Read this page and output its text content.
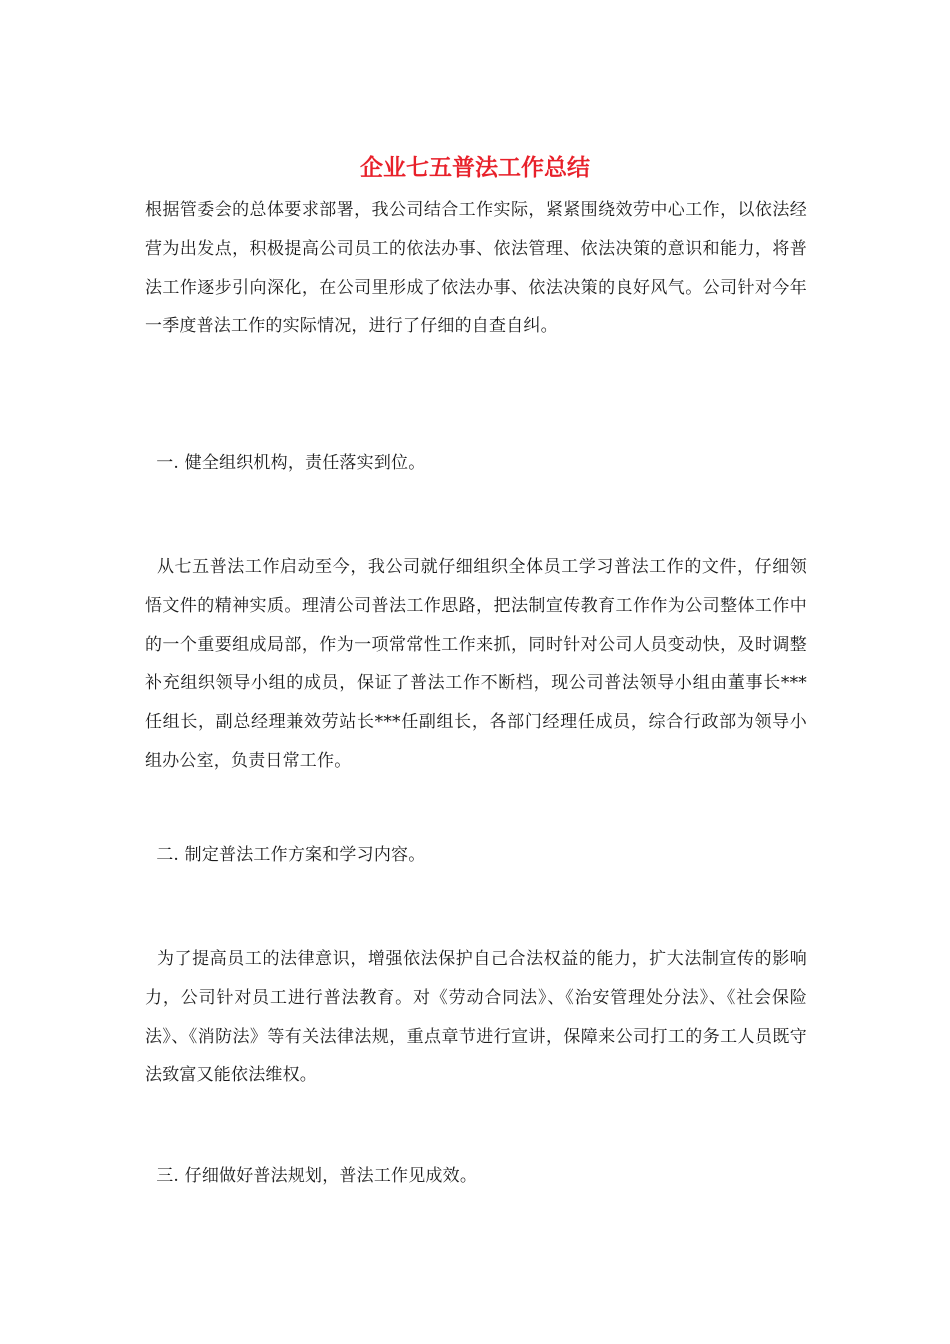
企业七五普法工作总结

根据管委会的总体要求部署，我公司结合工作实际，紧紧围绕效劳中心工作，以依法经营为出发点，积极提高公司员工的依法办事、依法管理、依法决策的意识和能力，将普法工作逐步引向深化，在公司里形成了依法办事、依法决策的良好风气。公司针对今年一季度普法工作的实际情况，进行了仔细的自查自纠。

一. 健全组织机构，责任落实到位。

从七五普法工作启动至今，我公司就仔细组织全体员工学习普法工作的文件，仔细领悟文件的精神实质。理清公司普法工作思路，把法制宣传教育工作作为公司整体工作中的一个重要组成局部，作为一项常常性工作来抓，同时针对公司人员变动快，及时调整补充组织领导小组的成员，保证了普法工作不断档，现公司普法领导小组由董事长***任组长，副总经理兼效劳站长***任副组长，各部门经理任成员，综合行政部为领导小组办公室，负责日常工作。

二. 制定普法工作方案和学习内容。

为了提高员工的法律意识，增强依法保护自己合法权益的能力，扩大法制宣传的影响力，公司针对员工进行普法教育。对《劳动合同法》、《治安管理处分法》、《社会保险法》、《消防法》等有关法律法规，重点章节进行宣讲，保障来公司打工的务工人员既守法致富又能依法维权。

三. 仔细做好普法规划，普法工作见成效。
